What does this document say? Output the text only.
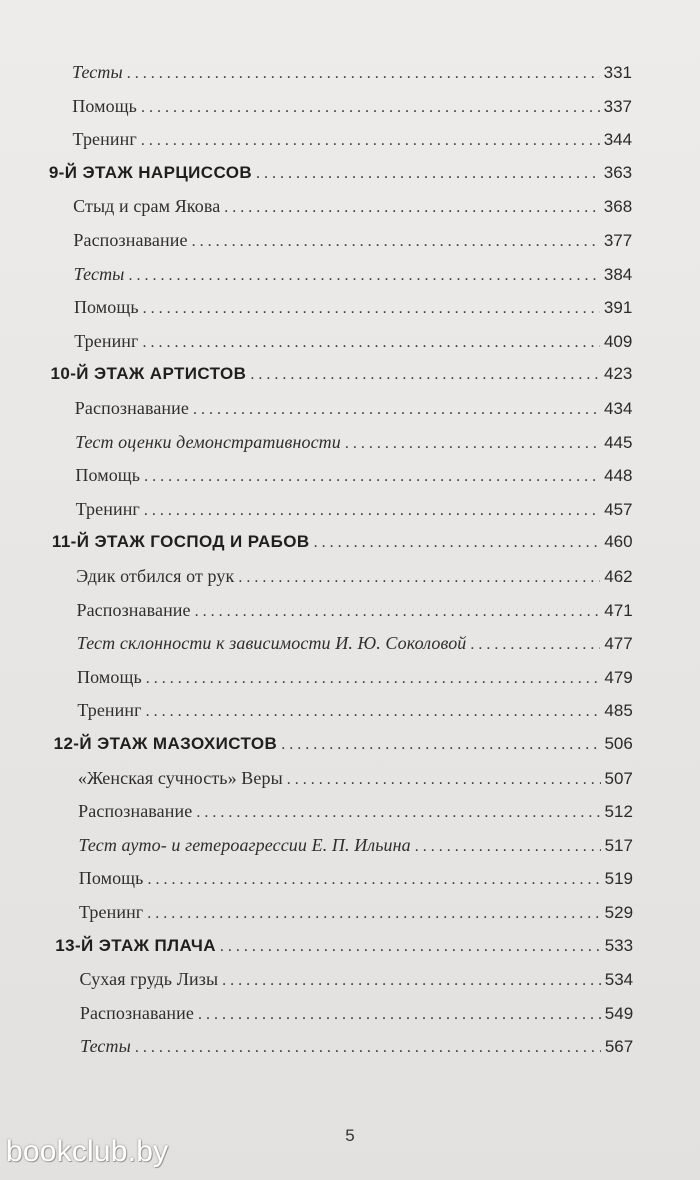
Тесты . . .	331
Помощь . . .	337
Тренинг . . .	344
9-Й ЭТАЖ НАРЦИССОВ . . .	363
Стыд и срам Якова . . .	368
Распознавание . . .	377
Тесты . . .	384
Помощь . . .	391
Тренинг . . .	409
10-Й ЭТАЖ АРТИСТОВ . . .	423
Распознавание . . .	434
Тест оценки демонстративности . . .	445
Помощь . . .	448
Тренинг . . .	457
11-Й ЭТАЖ ГОСПОД И РАБОВ . . .	460
Эдик отбился от рук . . .	462
Распознавание . . .	471
Тест склонности к зависимости И. Ю. Соколовой . . .	477
Помощь . . .	479
Тренинг . . .	485
12-Й ЭТАЖ МАЗОХИСТОВ . . .	506
«Женская сучность» Веры . . .	507
Распознавание . . .	512
Тест ауто- и гетероагрессии Е. П. Ильина . . .	517
Помощь . . .	519
Тренинг . . .	529
13-Й ЭТАЖ ПЛАЧА . . .	533
Сухая грудь Лизы . . .	534
Распознавание . . .	549
Тесты . . .	567
5
bookclub.by
